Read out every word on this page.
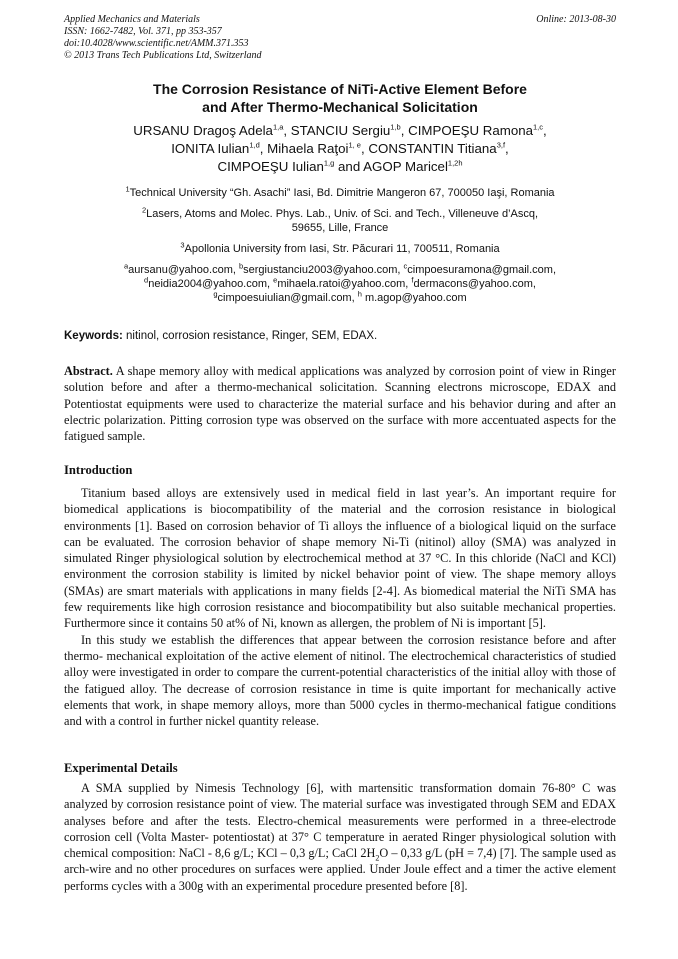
Applied Mechanics and Materials
ISSN: 1662-7482, Vol. 371, pp 353-357
doi:10.4028/www.scientific.net/AMM.371.353
© 2013 Trans Tech Publications Ltd, Switzerland
Online: 2013-08-30
The Corrosion Resistance of NiTi-Active Element Before
and After Thermo-Mechanical Solicitation
URSANU Dragoş Adela$^{1,a}$, STANCIU Sergiu$^{1,b}$, CIMPOEŞU Ramona$^{1,c}$,
IONITA Iulian$^{1,d}$, Mihaela Raţoi$^{1, e}$, CONSTANTIN Titiana$^{3,f}$,
CIMPOEŞU Iulian$^{1,g}$ and AGOP Maricel$^{1,2h}$
$^1$Technical University “Gh. Asachi” Iasi, Bd. Dimitrie Mangeron 67, 700050 Iaşi, Romania
$^2$Lasers, Atoms and Molec. Phys. Lab., Univ. of Sci. and Tech., Villeneuve d’Ascq,
59655, Lille, France
$^3$Apollonia University from Iasi, Str. Păcurari 11, 700511, Romania
$^a$aursanu@yahoo.com, $^b$sergiustanciu2003@yahoo.com, $^c$cimpoesuramona@gmail.com,
$^d$neidia2004@yahoo.com, $^e$mihaela.ratoi@yahoo.com, $^f$dermacons@yahoo.com,
$^g$cimpoesuiulian@gmail.com, $^h$ m.agop@yahoo.com
Keywords: nitinol, corrosion resistance, Ringer, SEM, EDAX.

Abstract. A shape memory alloy with medical applications was analyzed by corrosion point of view in Ringer solution before and after a thermo-mechanical solicitation. Scanning electrons microscope, EDAX and Potentiostat equipments were used to characterize the material surface and his behavior during and after an electric polarization. Pitting corrosion type was observed on the surface with more accentuated aspects for the fatigued sample.

Introduction

Titanium based alloys are extensively used in medical field in last year’s. An important require for biomedical applications is biocompatibility of the material and the corrosion resistance in biological environments [1]. Based on corrosion behavior of Ti alloys the influence of a biological liquid on the surface can be evaluated. The corrosion behavior of shape memory Ni-Ti (nitinol) alloy (SMA) was analyzed in simulated Ringer physiological solution by electrochemical method at 37 °C. In this chloride (NaCl and KCl) environment the corrosion stability is limited by nickel behavior point of view. The shape memory alloys (SMAs) are smart materials with applications in many fields [2-4]. As biomedical material the NiTi SMA has few requirements like high corrosion resistance and biocompatibility but also suitable mechanical properties. Furthermore since it contains 50 at% of Ni, known as allergen, the problem of Ni is important [5].

In this study we establish the differences that appear between the corrosion resistance before and after thermo- mechanical exploitation of the active element of nitinol. The electrochemical characteristics of studied alloy were investigated in order to compare the current-potential characteristics of the initial alloy with those of the fatigued alloy. The decrease of corrosion resistance in time is quite important for mechanically active elements that work, in shape memory alloys, more than 5000 cycles in thermo-mechanical fatigue conditions and with a control in further nickel quantity release.

Experimental Details

A SMA supplied by Nimesis Technology [6], with martensitic transformation domain 76-80° C was analyzed by corrosion resistance point of view. The material surface was investigated through SEM and EDAX analyses before and after the tests. Electro-chemical measurements were performed in a three-electrode corrosion cell (Volta Master- potentiostat) at 37° C temperature in aerated Ringer physiological solution with chemical composition: NaCl - 8,6 g/L; KCl – 0,3 g/L; CaCl $2H_2O - 0,33$ g/L (pH = 7,4) [7]. The sample used as arch-wire and no other procedures on surfaces were applied. Under Joule effect and a timer the active element performs cycles with a 300g with an experimental procedure presented before [8].
